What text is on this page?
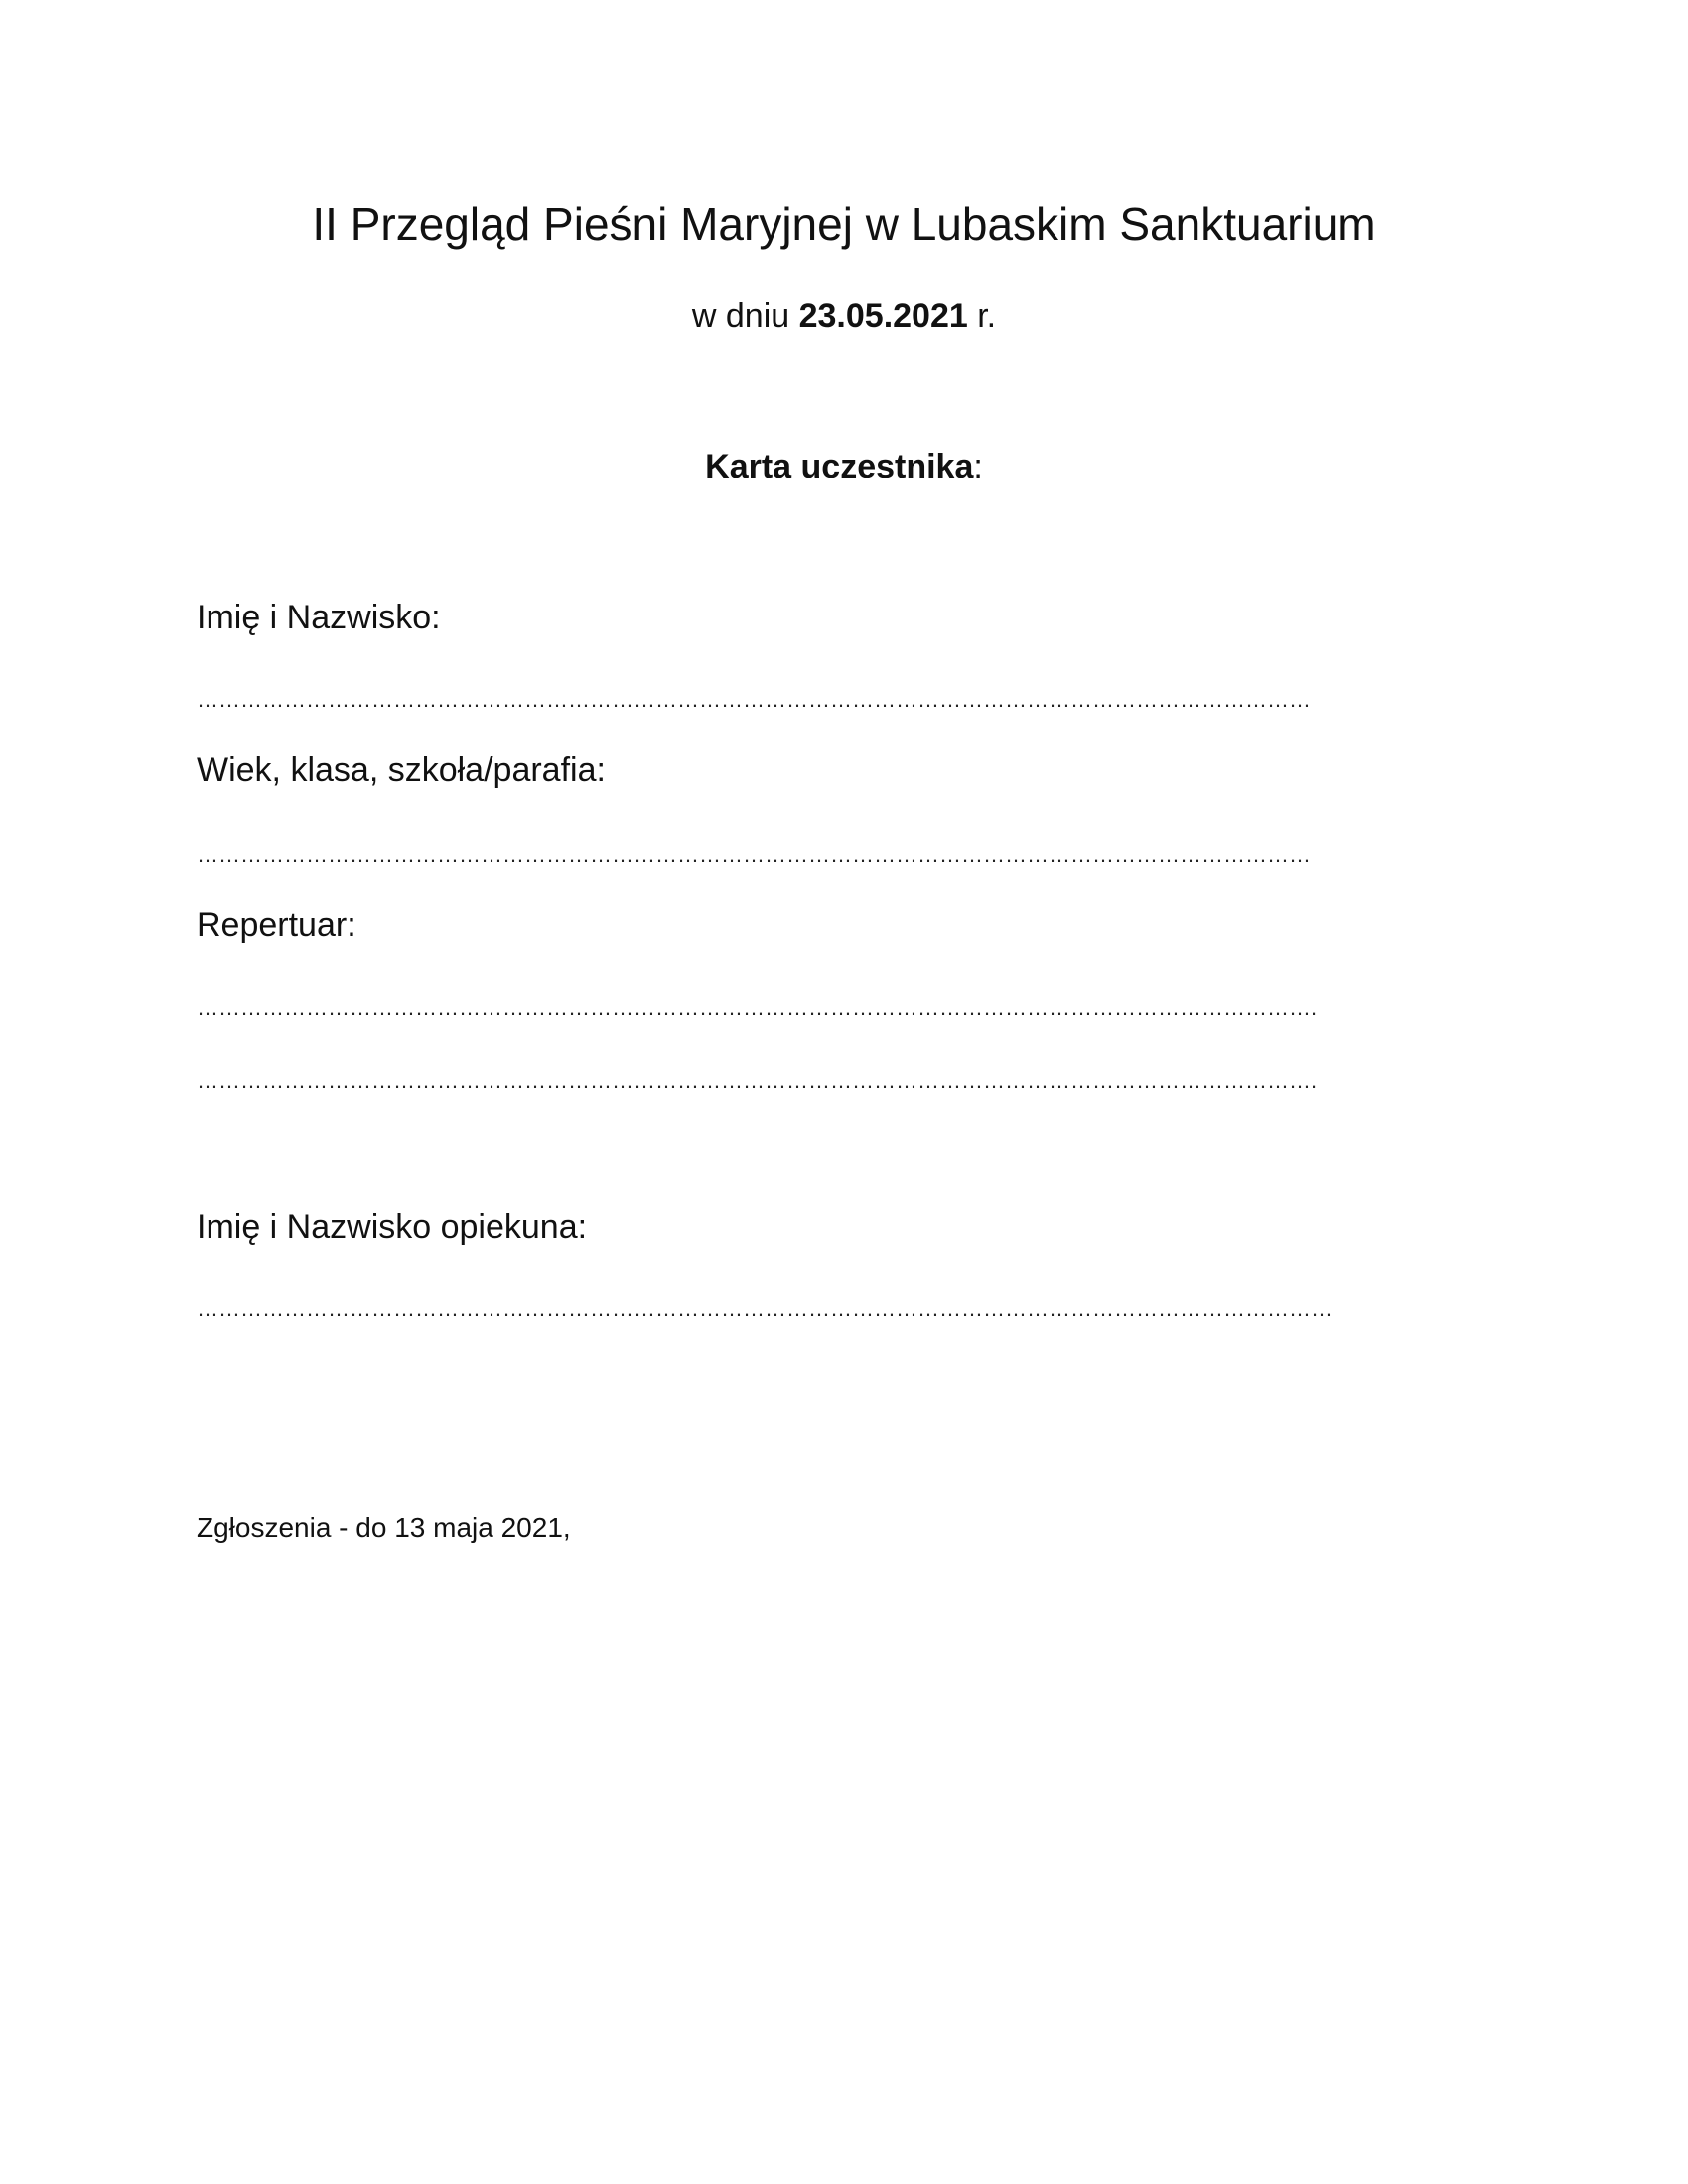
II Przegląd Pieśni Maryjnej w Lubaskim Sanktuarium
w dniu 23.05.2021 r.
Karta uczestnika:
Imię i Nazwisko:
………………………………………………………………………………………………………………………………………
Wiek, klasa, szkoła/parafia:
………………………………………………………………………………………………………………………………………
Repertuar:
……………………………………………………………………………………………………………………………………….
……………………………………………………………………………………………………………………………………….
Imię i Nazwisko opiekuna:
…………………………………………………………………………………………………………………………………………
Zgłoszenia - do 13 maja 2021,
